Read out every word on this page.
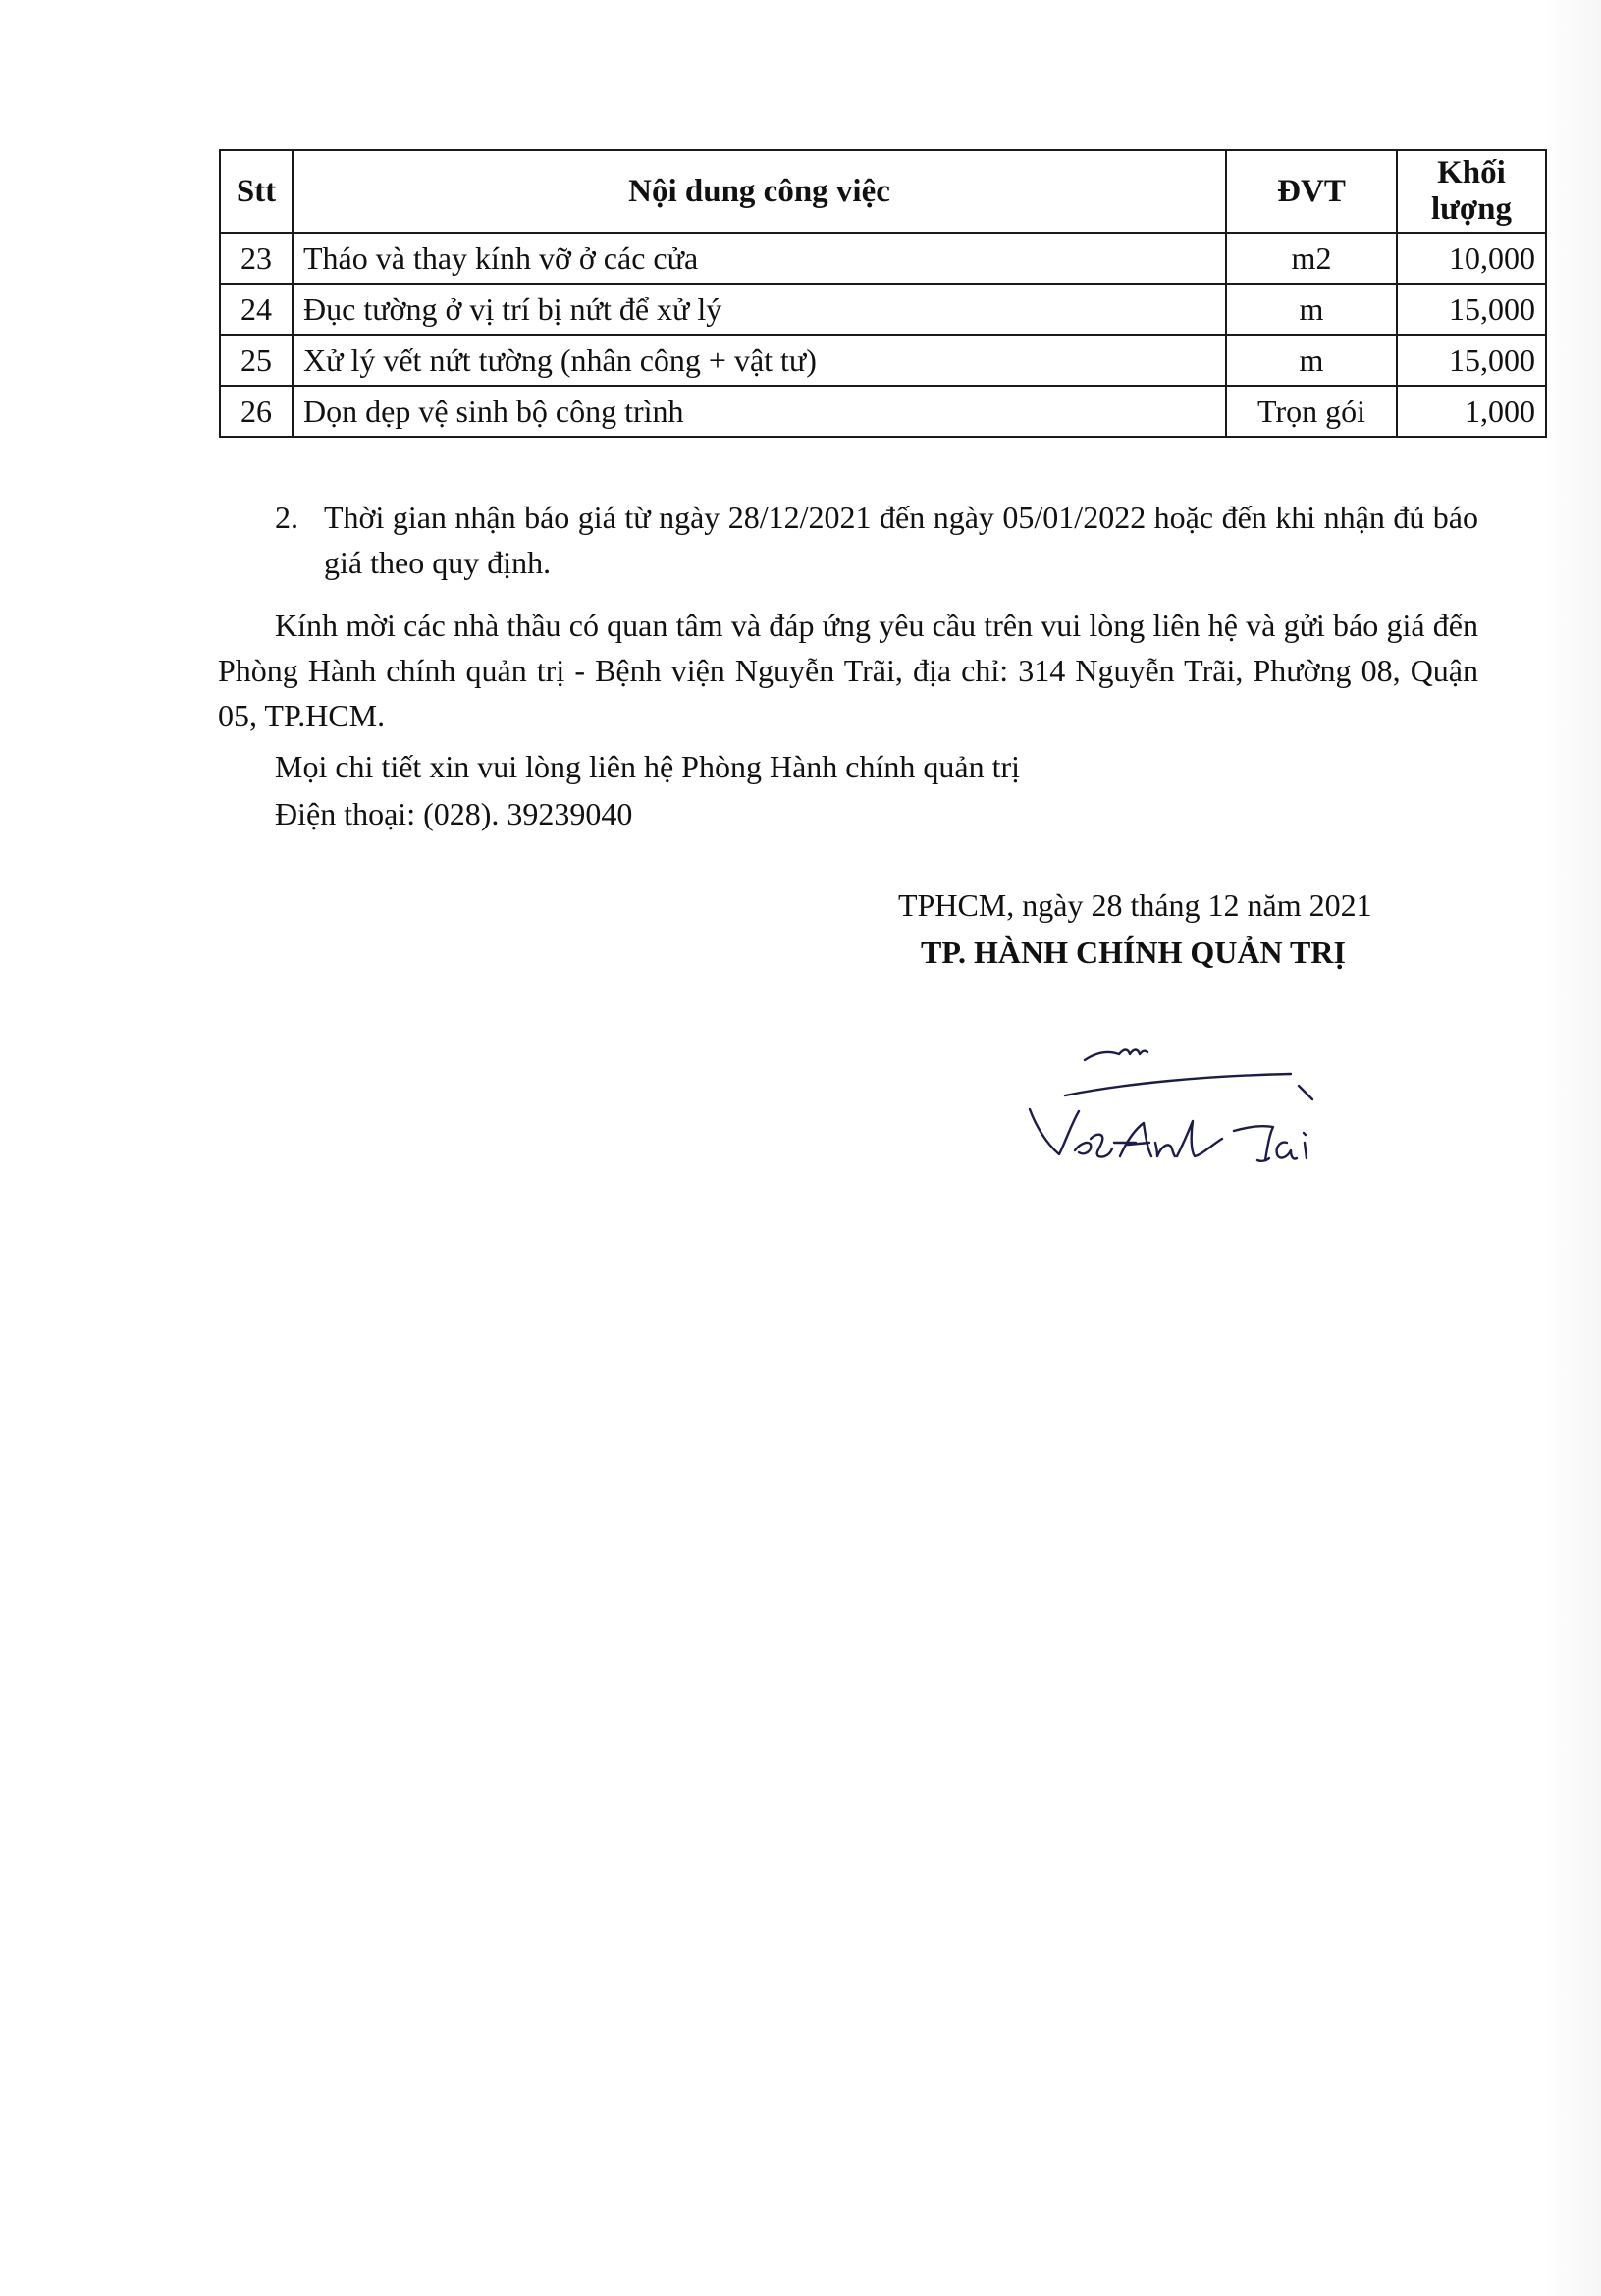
Stt	Nội dung công việc	ĐVT	Khối
lượng
23	Tháo và thay kính vỡ ở các cửa	m2	10,000
24	Đục tường ở vị trí bị nứt để xử lý	m	15,000
25	Xử lý vết nứt tường (nhân công + vật tư)	m	15,000
26	Dọn dẹp vệ sinh bộ công trình	Trọn gói	1,000
2. Thời gian nhận báo giá từ ngày 28/12/2021 đến ngày 05/01/2022 hoặc đến khi nhận đủ báo giá theo quy định.
Kính mời các nhà thầu có quan tâm và đáp ứng yêu cầu trên vui lòng liên hệ và gửi báo giá đến Phòng Hành chính quản trị - Bệnh viện Nguyễn Trãi, địa chỉ: 314 Nguyễn Trãi, Phường 08, Quận 05, TP.HCM.
Mọi chi tiết xin vui lòng liên hệ Phòng Hành chính quản trị
Điện thoại: (028). 39239040
TPHCM, ngày 28 tháng 12 năm 2021
TP. HÀNH CHÍNH QUẢN TRỊ
